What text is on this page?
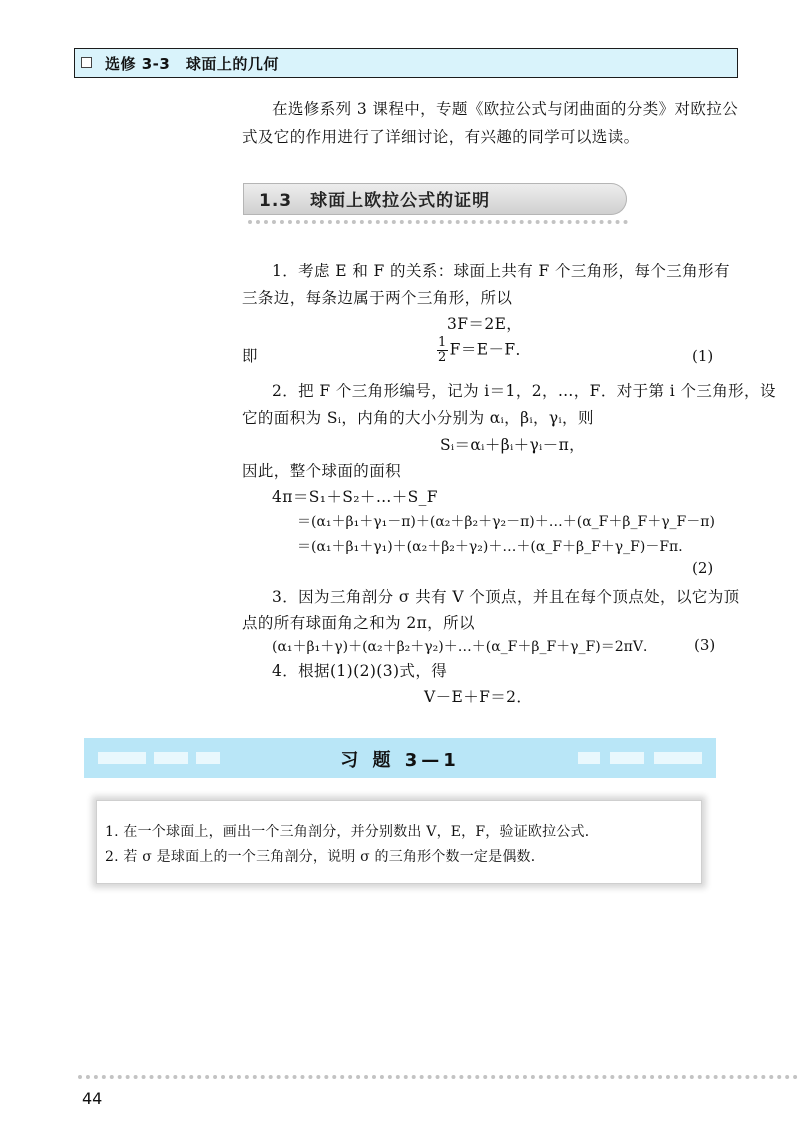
选修 3-3　球面上的几何
在选修系列 3 课程中，专题《欧拉公式与闭曲面的分类》对欧拉公
式及它的作用进行了详细讨论，有兴趣的同学可以选读。
1.3　球面上欧拉公式的证明
1．考虑 E 和 F 的关系：球面上共有 F 个三角形，每个三角形有
三条边，每条边属于两个三角形，所以
3F＝2E，
即	$\frac{1}{2} F=E-F$．	(1)
2．把 F 个三角形编号，记为 i＝1，2，…，F．对于第 i 个三角形，设
它的面积为 Sᵢ，内角的大小分别为 αᵢ，βᵢ，γᵢ，则
Sᵢ＝αᵢ＋βᵢ＋γᵢ－π，
因此，整个球面的面积
4π＝S₁＋S₂＋…＋S_F
＝(α₁＋β₁＋γ₁－π)＋(α₂＋β₂＋γ₂－π)＋…＋(α_F＋β_F＋γ_F－π)
＝(α₁＋β₁＋γ₁)＋(α₂＋β₂＋γ₂)＋…＋(α_F＋β_F＋γ_F)－Fπ．
(2)
3．因为三角剖分 σ 共有 V 个顶点，并且在每个顶点处，以它为顶
点的所有球面角之和为 2π，所以
(α₁＋β₁＋γ)＋(α₂＋β₂＋γ₂)＋…＋(α_F＋β_F＋γ_F)＝2πV． (3)
4．根据(1)(2)(3)式，得
V－E＋F＝2．
习 题 3—1
1. 在一个球面上，画出一个三角剖分，并分别数出 V，E，F，验证欧拉公式．
2. 若 σ 是球面上的一个三角剖分，说明 σ 的三角形个数一定是偶数．
44
